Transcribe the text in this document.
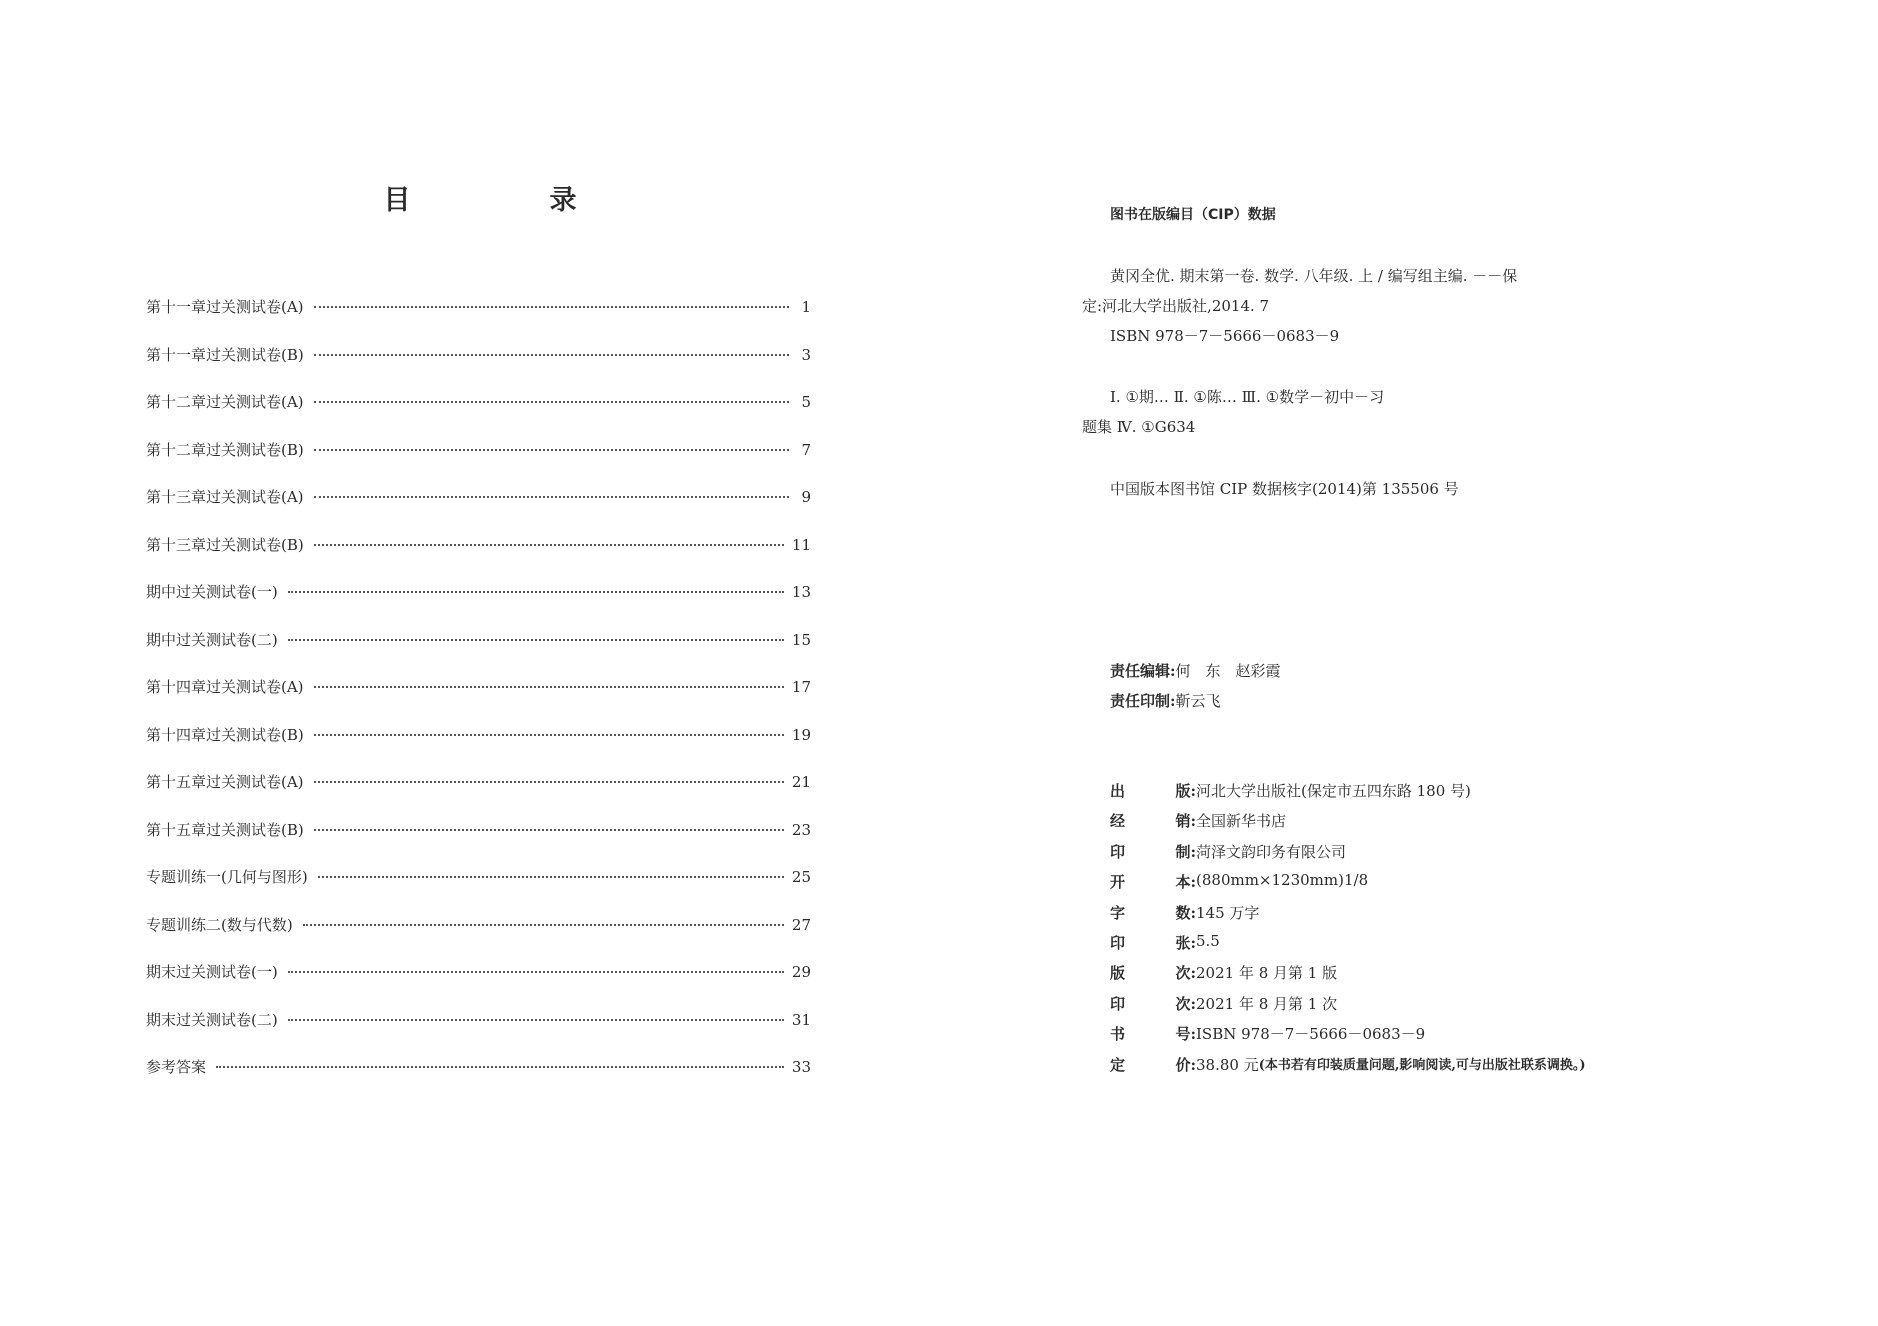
目　录
第十一章过关测试卷(A)	1
第十一章过关测试卷(B)	3
第十二章过关测试卷(A)	5
第十二章过关测试卷(B)	7
第十三章过关测试卷(A)	9
第十三章过关测试卷(B)	11
期中过关测试卷(一)	13
期中过关测试卷(二)	15
第十四章过关测试卷(A)	17
第十四章过关测试卷(B)	19
第十五章过关测试卷(A)	21
第十五章过关测试卷(B)	23
专题训练一(几何与图形)	25
专题训练二(数与代数)	27
期末过关测试卷(一)	29
期末过关测试卷(二)	31
参考答案	33
图书在版编目（CIP）数据
黄冈全优. 期末第一卷. 数学. 八年级. 上 / 编写组主编. －－保
定:河北大学出版社,2014. 7
ISBN 978－7－5666－0683－9
Ⅰ. ①期… Ⅱ. ①陈… Ⅲ. ①数学－初中－习
题集 Ⅳ. ①G634
中国版本图书馆 CIP 数据核字(2014)第 135506 号
责任编辑:何　东　赵彩霞
责任印制:靳云飞
出	版: 河北大学出版社(保定市五四东路 180 号)
经	销: 全国新华书店
印	制: 菏泽文韵印务有限公司
开	本: (880mm×1230mm)1/8
字	数: 145 万字
印	张: 5.5
版	次: 2021 年 8 月第 1 版
印	次: 2021 年 8 月第 1 次
书	号: ISBN 978－7－5666－0683－9
定	价: 38.80 元 (本书若有印装质量问题,影响阅读,可与出版社联系调换。)
